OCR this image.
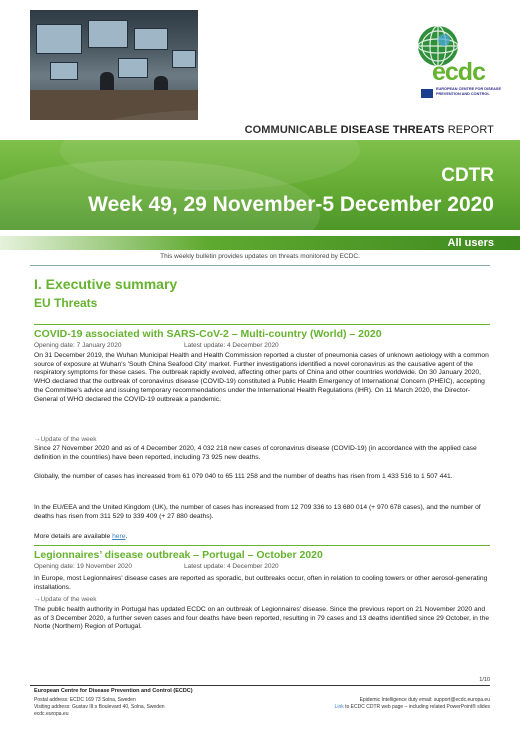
ecdc
EUROPEAN CENTRE FOR DISEASE PREVENTION AND CONTROL
COMMUNICABLE DISEASE THREATS REPORT
CDTR
Week 49, 29 November-5 December 2020
All users
This weekly bulletin provides updates on threats monitored by ECDC.
I. Executive summary
EU Threats
COVID-19 associated with SARS-CoV-2 – Multi-country (World) – 2020
Opening date: 7 January 2020	Latest update: 4 December 2020
On 31 December 2019, the Wuhan Municipal Health and Health Commission reported a cluster of pneumonia cases of unknown aetiology with a common source of exposure at Wuhan's 'South China Seafood City' market. Further investigations identified a novel coronavirus as the causative agent of the respiratory symptoms for these cases. The outbreak rapidly evolved, affecting other parts of China and other countries worldwide. On 30 January 2020, WHO declared that the outbreak of coronavirus disease (COVID-19) constituted a Public Health Emergency of International Concern (PHEIC), accepting the Committee's advice and issuing temporary recommendations under the International Health Regulations (IHR). On 11 March 2020, the Director-General of WHO declared the COVID-19 outbreak a pandemic.
→Update of the week
Since 27 November 2020 and as of 4 December 2020, 4 032 218 new cases of coronavirus disease (COVID-19) (in accordance with the applied case definition in the countries) have been reported, including 73 925 new deaths.
Globally, the number of cases has increased from 61 079 040 to 65 111 258 and the number of deaths has risen from 1 433 516 to 1 507 441.
In the EU/EEA and the United Kingdom (UK), the number of cases has increased from 12 709 336 to 13 680 014 (+ 970 678 cases), and the number of deaths has risen from 311 529 to 339 409 (+ 27 880 deaths).
More details are available here.
Legionnaires’ disease outbreak – Portugal – October 2020
Opening date: 19 November 2020	Latest update: 4 December 2020
In Europe, most Legionnaires' disease cases are reported as sporadic, but outbreaks occur, often in relation to cooling towers or other aerosol-generating installations.
→Update of the week
The public health authority in Portugal has updated ECDC on an outbreak of Legionnaires' disease. Since the previous report on 21 November 2020 and as of 3 December 2020, a further seven cases and four deaths have been reported, resulting in 79 cases and 13 deaths identified since 29 October, in the Norte (Northern) Region of Portugal.
1/10
European Centre for Disease Prevention and Control (ECDC)
Postal address: ECDC 169 73 Solna, Sweden
Visiting address: Gustav III:s Boulevard 40, Solna, Sweden
ecdc.europa.eu
Epidemic Intelligence duty email: support@ecdc.europa.eu
Link to ECDC CDTR web page – including related PowerPoint® slides
